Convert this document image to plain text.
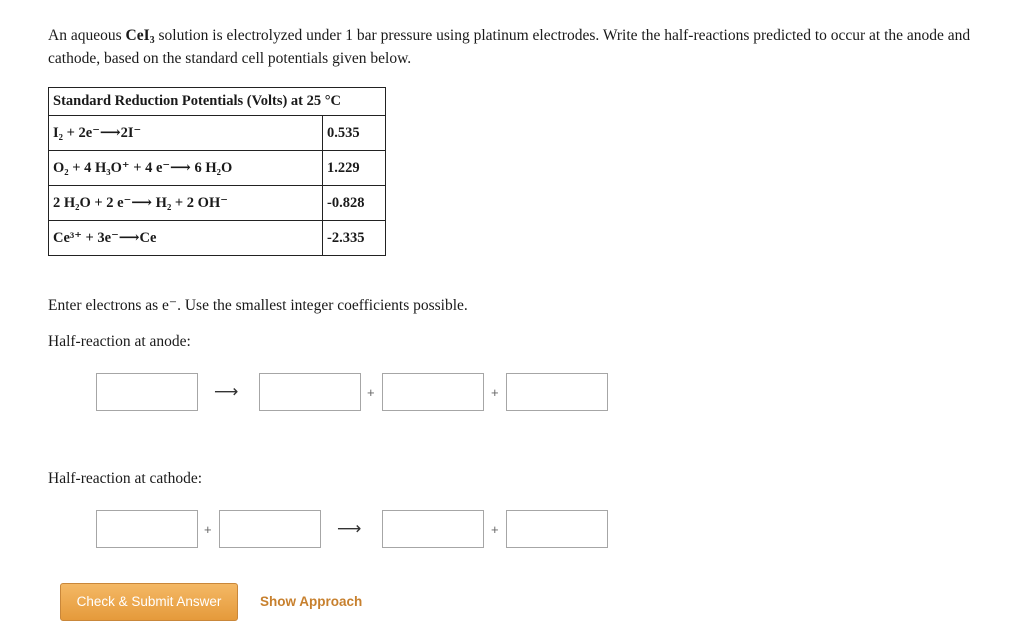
An aqueous CeI$_3$ solution is electrolyzed under 1 bar pressure using platinum electrodes. Write the half-reactions predicted to occur at the anode and cathode, based on the standard cell potentials given below.
Standard Reduction Potentials (Volts) at 25 °C	
I₂ + 2e⁻⟶2I⁻	0.535
O₂ + 4 H₃O⁺ + 4 e⁻⟶ 6 H₂O	1.229
2 H₂O + 2 e⁻⟶ H₂ + 2 OH⁻	-0.828
Ce³⁺ + 3e⁻⟶Ce	-2.335
Enter electrons as e⁻. Use the smallest integer coefficients possible.
Half-reaction at anode:
⟶	+	+
Half-reaction at cathode:
+	⟶	+
Check & Submit Answer	Show Approach
